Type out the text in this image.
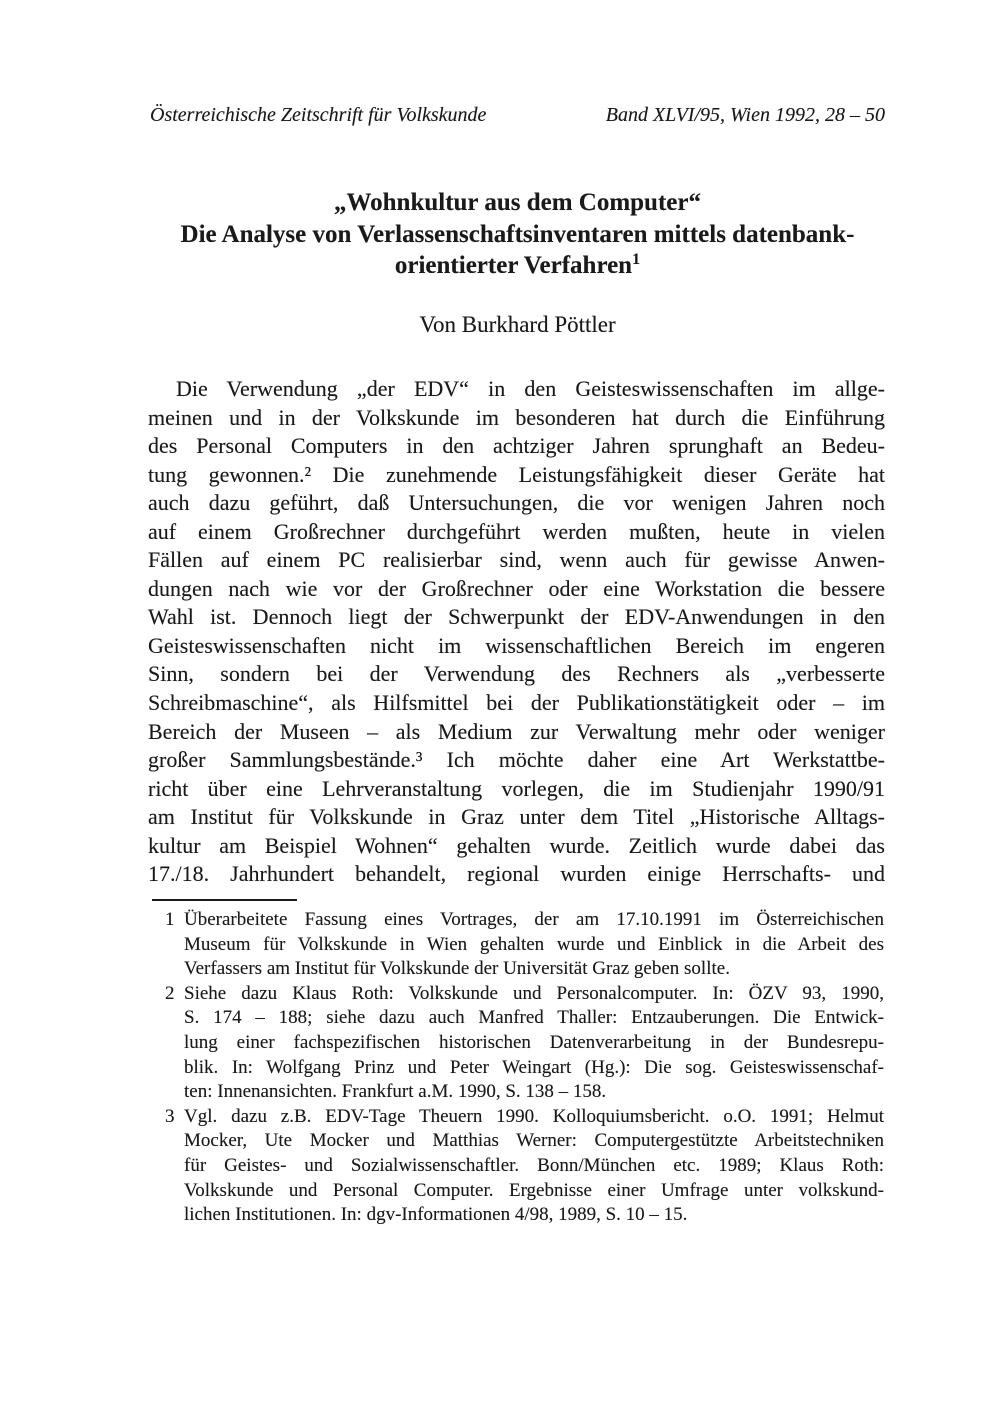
Österreichische Zeitschrift für Volkskunde	Band XLVI/95, Wien 1992, 28 – 50
„Wohnkultur aus dem Computer“
Die Analyse von Verlassenschaftsinventaren mittels datenbank-
orientierter Verfahren$^1$
Von Burkhard Pöttler
Die Verwendung „der EDV“ in den Geisteswissenschaften im allge-
meinen und in der Volkskunde im besonderen hat durch die Einführung
des Personal Computers in den achtziger Jahren sprunghaft an Bedeu-
tung gewonnen.² Die zunehmende Leistungsfähigkeit dieser Geräte hat
auch dazu geführt, daß Untersuchungen, die vor wenigen Jahren noch
auf einem Großrechner durchgeführt werden mußten, heute in vielen
Fällen auf einem PC realisierbar sind, wenn auch für gewisse Anwen-
dungen nach wie vor der Großrechner oder eine Workstation die bessere
Wahl ist. Dennoch liegt der Schwerpunkt der EDV-Anwendungen in den
Geisteswissenschaften nicht im wissenschaftlichen Bereich im engeren
Sinn, sondern bei der Verwendung des Rechners als „verbesserte
Schreibmaschine“, als Hilfsmittel bei der Publikationstätigkeit oder – im
Bereich der Museen – als Medium zur Verwaltung mehr oder weniger
großer Sammlungsbestände.³ Ich möchte daher eine Art Werkstattbe-
richt über eine Lehrveranstaltung vorlegen, die im Studienjahr 1990/91
am Institut für Volkskunde in Graz unter dem Titel „Historische Alltags-
kultur am Beispiel Wohnen“ gehalten wurde. Zeitlich wurde dabei das
17./18. Jahrhundert behandelt, regional wurden einige Herrschafts- und
1 Überarbeitete Fassung eines Vortrages, der am 17.10.1991 im Österreichischen
Museum für Volkskunde in Wien gehalten wurde und Einblick in die Arbeit des
Verfassers am Institut für Volkskunde der Universität Graz geben sollte.
2 Siehe dazu Klaus Roth: Volkskunde und Personalcomputer. In: ÖZV 93, 1990,
S. 174 – 188; siehe dazu auch Manfred Thaller: Entzauberungen. Die Entwick-
lung einer fachspezifischen historischen Datenverarbeitung in der Bundesrepu-
blik. In: Wolfgang Prinz und Peter Weingart (Hg.): Die sog. Geisteswissenschaf-
ten: Innenansichten. Frankfurt a.M. 1990, S. 138 – 158.
3 Vgl. dazu z.B. EDV-Tage Theuern 1990. Kolloquiumsbericht. o.O. 1991; Helmut
Mocker, Ute Mocker und Matthias Werner: Computergestützte Arbeitstechniken
für Geistes- und Sozialwissenschaftler. Bonn/München etc. 1989; Klaus Roth:
Volkskunde und Personal Computer. Ergebnisse einer Umfrage unter volkskund-
lichen Institutionen. In: dgv-Informationen 4/98, 1989, S. 10 – 15.
